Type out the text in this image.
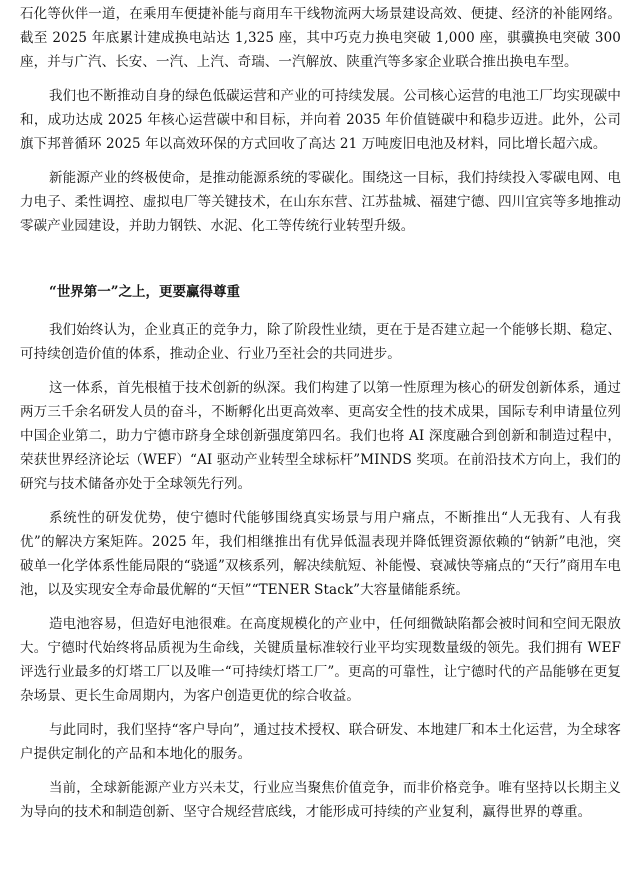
石化等伙伴一道，在乘用车便捷补能与商用车干线物流两大场景建设高效、便捷、经济的补能网络。截至 2025 年底累计建成换电站达 1,325 座，其中巧克力换电突破 1,000 座，骐骥换电突破 300 座，并与广汽、长安、一汽、上汽、奇瑞、一汽解放、陕重汽等多家企业联合推出换电车型。

我们也不断推动自身的绿色低碳运营和产业的可持续发展。公司核心运营的电池工厂均实现碳中和，成功达成 2025 年核心运营碳中和目标，并向着 2035 年价值链碳中和稳步迈进。此外，公司旗下邦普循环 2025 年以高效环保的方式回收了高达 21 万吨废旧电池及材料，同比增长超六成。

新能源产业的终极使命，是推动能源系统的零碳化。围绕这一目标，我们持续投入零碳电网、电力电子、柔性调控、虚拟电厂等关键技术，在山东东营、江苏盐城、福建宁德、四川宜宾等多地推动零碳产业园建设，并助力钢铁、水泥、化工等传统行业转型升级。

“世界第一”之上，更要赢得尊重

我们始终认为，企业真正的竞争力，除了阶段性业绩，更在于是否建立起一个能够长期、稳定、可持续创造价值的体系，推动企业、行业乃至社会的共同进步。

这一体系，首先根植于技术创新的纵深。我们构建了以第一性原理为核心的研发创新体系，通过两万三千余名研发人员的奋斗，不断孵化出更高效率、更高安全性的技术成果，国际专利申请量位列中国企业第二，助力宁德市跻身全球创新强度第四名。我们也将 AI 深度融合到创新和制造过程中，荣获世界经济论坛（WEF）“AI 驱动产业转型全球标杆”MINDS 奖项。在前沿技术方向上，我们的研究与技术储备亦处于全球领先行列。

系统性的研发优势，使宁德时代能够围绕真实场景与用户痛点，不断推出“人无我有、人有我优”的解决方案矩阵。2025 年，我们相继推出有优异低温表现并降低锂资源依赖的“钠新”电池，突破单一化学体系性能局限的“骁遥”双核系列，解决续航短、补能慢、衰减快等痛点的“天行”商用车电池，以及实现安全寿命最优解的“天恒”“TENER Stack”大容量储能系统。

造电池容易，但造好电池很难。在高度规模化的产业中，任何细微缺陷都会被时间和空间无限放大。宁德时代始终将品质视为生命线，关键质量标准较行业平均实现数量级的领先。我们拥有 WEF 评选行业最多的灯塔工厂以及唯一“可持续灯塔工厂”。更高的可靠性，让宁德时代的产品能够在更复杂场景、更长生命周期内，为客户创造更优的综合收益。

与此同时，我们坚持“客户导向”，通过技术授权、联合研发、本地建厂和本土化运营，为全球客户提供定制化的产品和本地化的服务。

当前，全球新能源产业方兴未艾，行业应当聚焦价值竞争，而非价格竞争。唯有坚持以长期主义为导向的技术和制造创新、坚守合规经营底线，才能形成可持续的产业复利，赢得世界的尊重。
